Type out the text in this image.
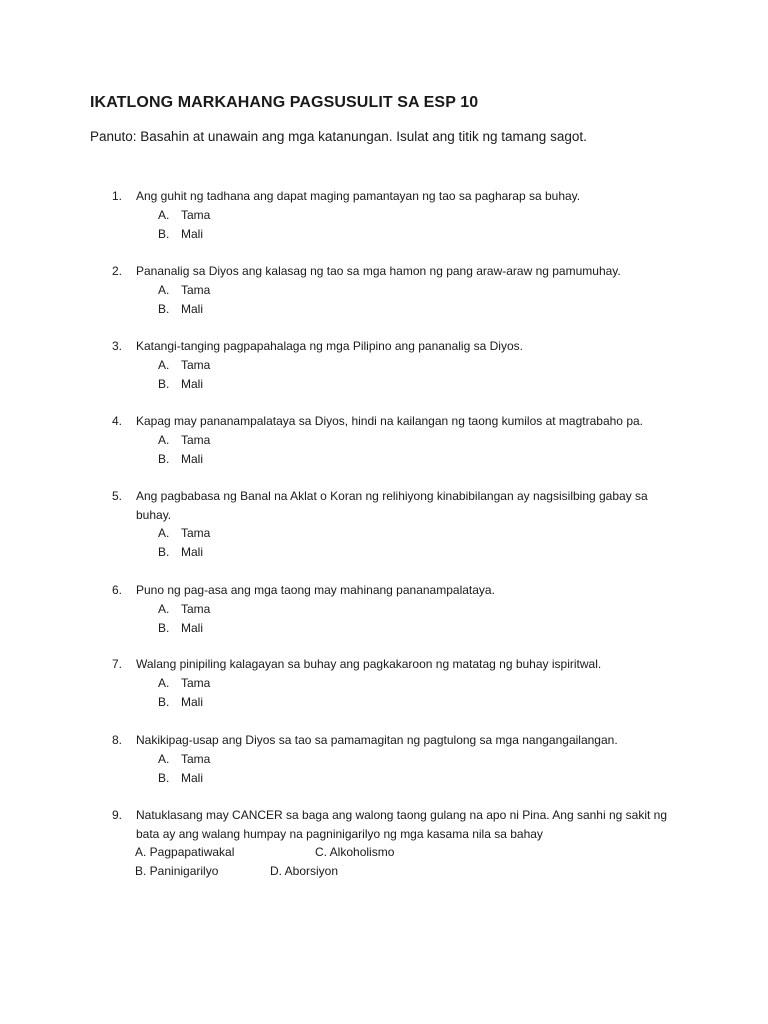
IKATLONG MARKAHANG PAGSUSULIT SA ESP 10
Panuto: Basahin at unawain ang mga katanungan. Isulat ang titik ng tamang sagot.
1.	Ang guhit ng tadhana ang dapat maging pamantayan ng tao sa pagharap sa buhay.
A. Tama
B. Mali
2.	Pananalig sa Diyos ang kalasag ng tao sa mga hamon ng pang araw-araw ng pamumuhay.
A. Tama
B. Mali
3.	Katangi-tanging pagpapahalaga ng mga Pilipino ang pananalig sa Diyos.
A. Tama
B. Mali
4.	Kapag may pananampalataya sa Diyos, hindi na kailangan ng taong kumilos at magtrabaho pa.
A. Tama
B. Mali
5.	Ang pagbabasa ng Banal na Aklat o Koran ng relihiyong kinabibilangan ay nagsisilbing gabay sa buhay.
A. Tama
B. Mali
6.	Puno ng pag-asa ang mga taong may mahinang pananampalataya.
A. Tama
B. Mali
7.	Walang pinipiling kalagayan sa buhay ang pagkakaroon ng matatag ng buhay ispiritwal.
A. Tama
B. Mali
8.	Nakikipag-usap ang Diyos sa tao sa pamamagitan ng pagtulong sa mga nangangailangan.
A. Tama
B. Mali
9.	Natuklasang may CANCER sa baga ang walong taong gulang na apo ni Pina. Ang sanhi ng sakit ng bata ay ang walang humpay na pagninigarilyo ng mga kasama nila sa bahay
A. Pagpapatiwakal	C. Alkoholismo
B. Paninigarilyo	D. Aborsiyon
